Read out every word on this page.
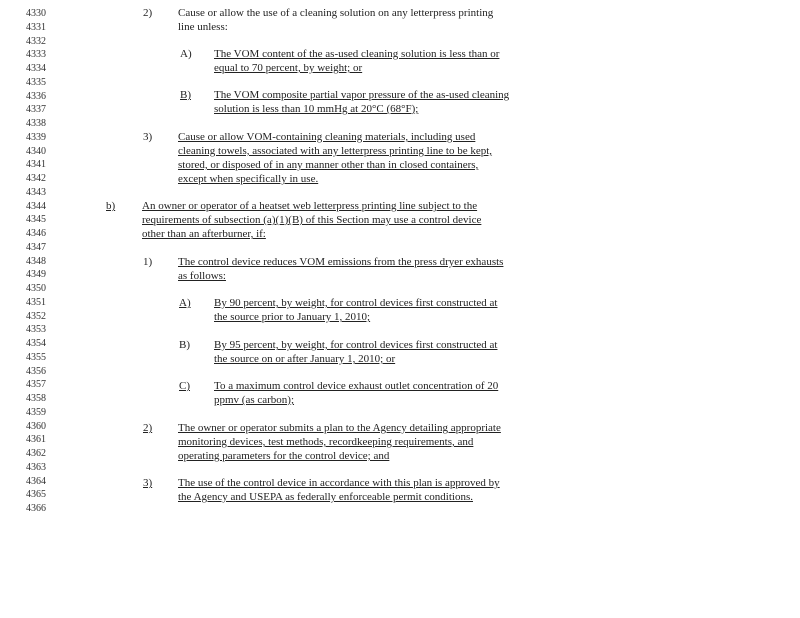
4330
4331
4332
4333
4334
4335
4336
4337
4338
4339
4340
4341
4342
4343
4344
4345
4346
4347
4348
4349
4350
4351
4352
4353
4354
4355
4356
4357
4358
4359
4360
4361
4362
4363
4364
4365
4366
2) Cause or allow the use of a cleaning solution on any letterpress printing
line unless:
A) The VOM content of the as-used cleaning solution is less than or
equal to 70 percent, by weight; or
B) The VOM composite partial vapor pressure of the as-used cleaning
solution is less than 10 mmHg at 20°C (68°F);
3) Cause or allow VOM-containing cleaning materials, including used
cleaning towels, associated with any letterpress printing line to be kept,
stored, or disposed of in any manner other than in closed containers,
except when specifically in use.
b) An owner or operator of a heatset web letterpress printing line subject to the
requirements of subsection (a)(1)(B) of this Section may use a control device
other than an afterburner, if:
1) The control device reduces VOM emissions from the press dryer exhausts
as follows:
A) By 90 percent, by weight, for control devices first constructed at
the source prior to January 1, 2010;
B) By 95 percent, by weight, for control devices first constructed at
the source on or after January 1, 2010; or
C) To a maximum control device exhaust outlet concentration of 20
ppmv (as carbon);
2) The owner or operator submits a plan to the Agency detailing appropriate
monitoring devices, test methods, recordkeeping requirements, and
operating parameters for the control device; and
3) The use of the control device in accordance with this plan is approved by
the Agency and USEPA as federally enforceable permit conditions.
